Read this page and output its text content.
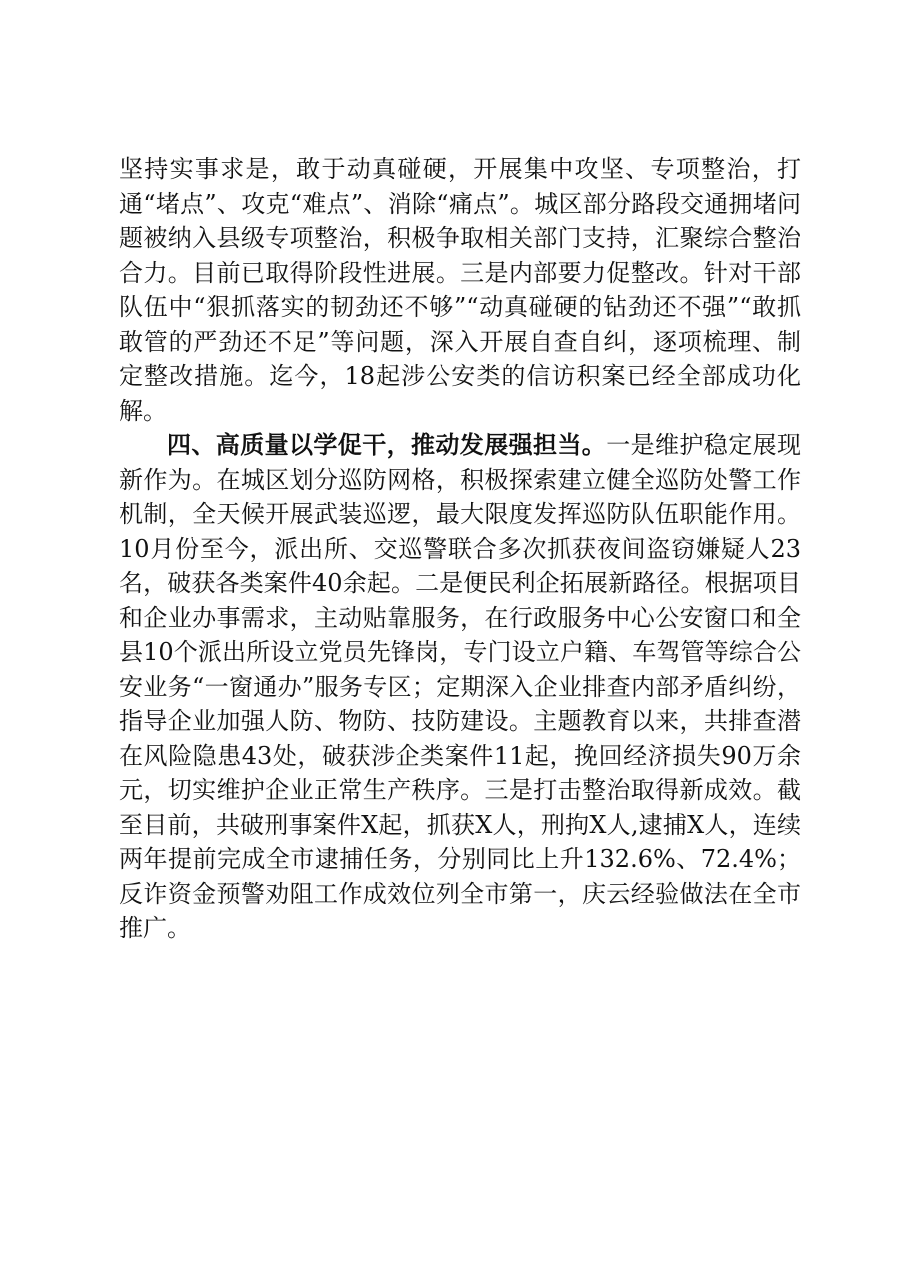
坚持实事求是，敢于动真碰硬，开展集中攻坚、专项整治，打通“堵点”、攻克“难点”、消除“痛点”。城区部分路段交通拥堵问题被纳入县级专项整治，积极争取相关部门支持，汇聚综合整治合力。目前已取得阶段性进展。三是内部要力促整改。针对干部队伍中“狠抓落实的韧劲还不够”“动真碰硬的钻劲还不强”“敢抓敢管的严劲还不足”等问题，深入开展自查自纠，逐项梳理、制定整改措施。迄今，18起涉公安类的信访积案已经全部成功化解。

四、高质量以学促干，推动发展强担当。一是维护稳定展现新作为。在城区划分巡防网格，积极探索建立健全巡防处警工作机制，全天候开展武装巡逻，最大限度发挥巡防队伍职能作用。10月份至今，派出所、交巡警联合多次抓获夜间盗窃嫌疑人23名，破获各类案件40余起。二是便民利企拓展新路径。根据项目和企业办事需求，主动贴靠服务，在行政服务中心公安窗口和全县10个派出所设立党员先锋岗，专门设立户籍、车驾管等综合公安业务“一窗通办”服务专区；定期深入企业排查内部矛盾纠纷，指导企业加强人防、物防、技防建设。主题教育以来，共排查潜在风险隐患43处，破获涉企类案件11起，挽回经济损失90万余元，切实维护企业正常生产秩序。三是打击整治取得新成效。截至目前，共破刑事案件X起，抓获X人，刑拘X人,逮捕X人，连续两年提前完成全市逮捕任务，分别同比上升132.6%、72.4%；反诈资金预警劝阻工作成效位列全市第一，庆云经验做法在全市推广。
